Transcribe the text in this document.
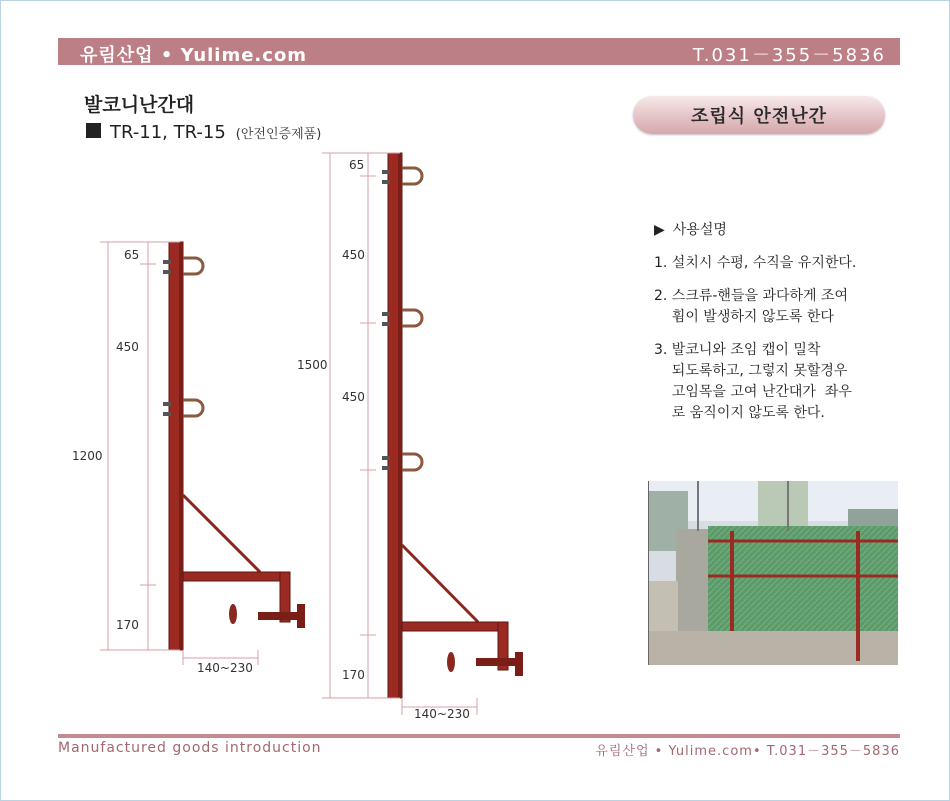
유림산업 • Yulime.com	T.031－355－5836
발코니난간대
TR-11, TR-15 (안전인증제품)
조립식 안전난간
65
450
1200
170
140~230
65
450
1500
450
170
140~230
▶ 사용설명
1. 설치시 수평, 수직을 유지한다.
2. 스크류-핸들을 과다하게 조여
휨이 발생하지 않도록 한다
3. 발코니와 조임 캡이 밀착
되도록하고, 그렇지 못할경우
고임목을 고여 난간대가  좌우
로 움직이지 않도록 한다.
Manufactured goods introduction	유림산업 • Yulime.com• T.031－355－5836
